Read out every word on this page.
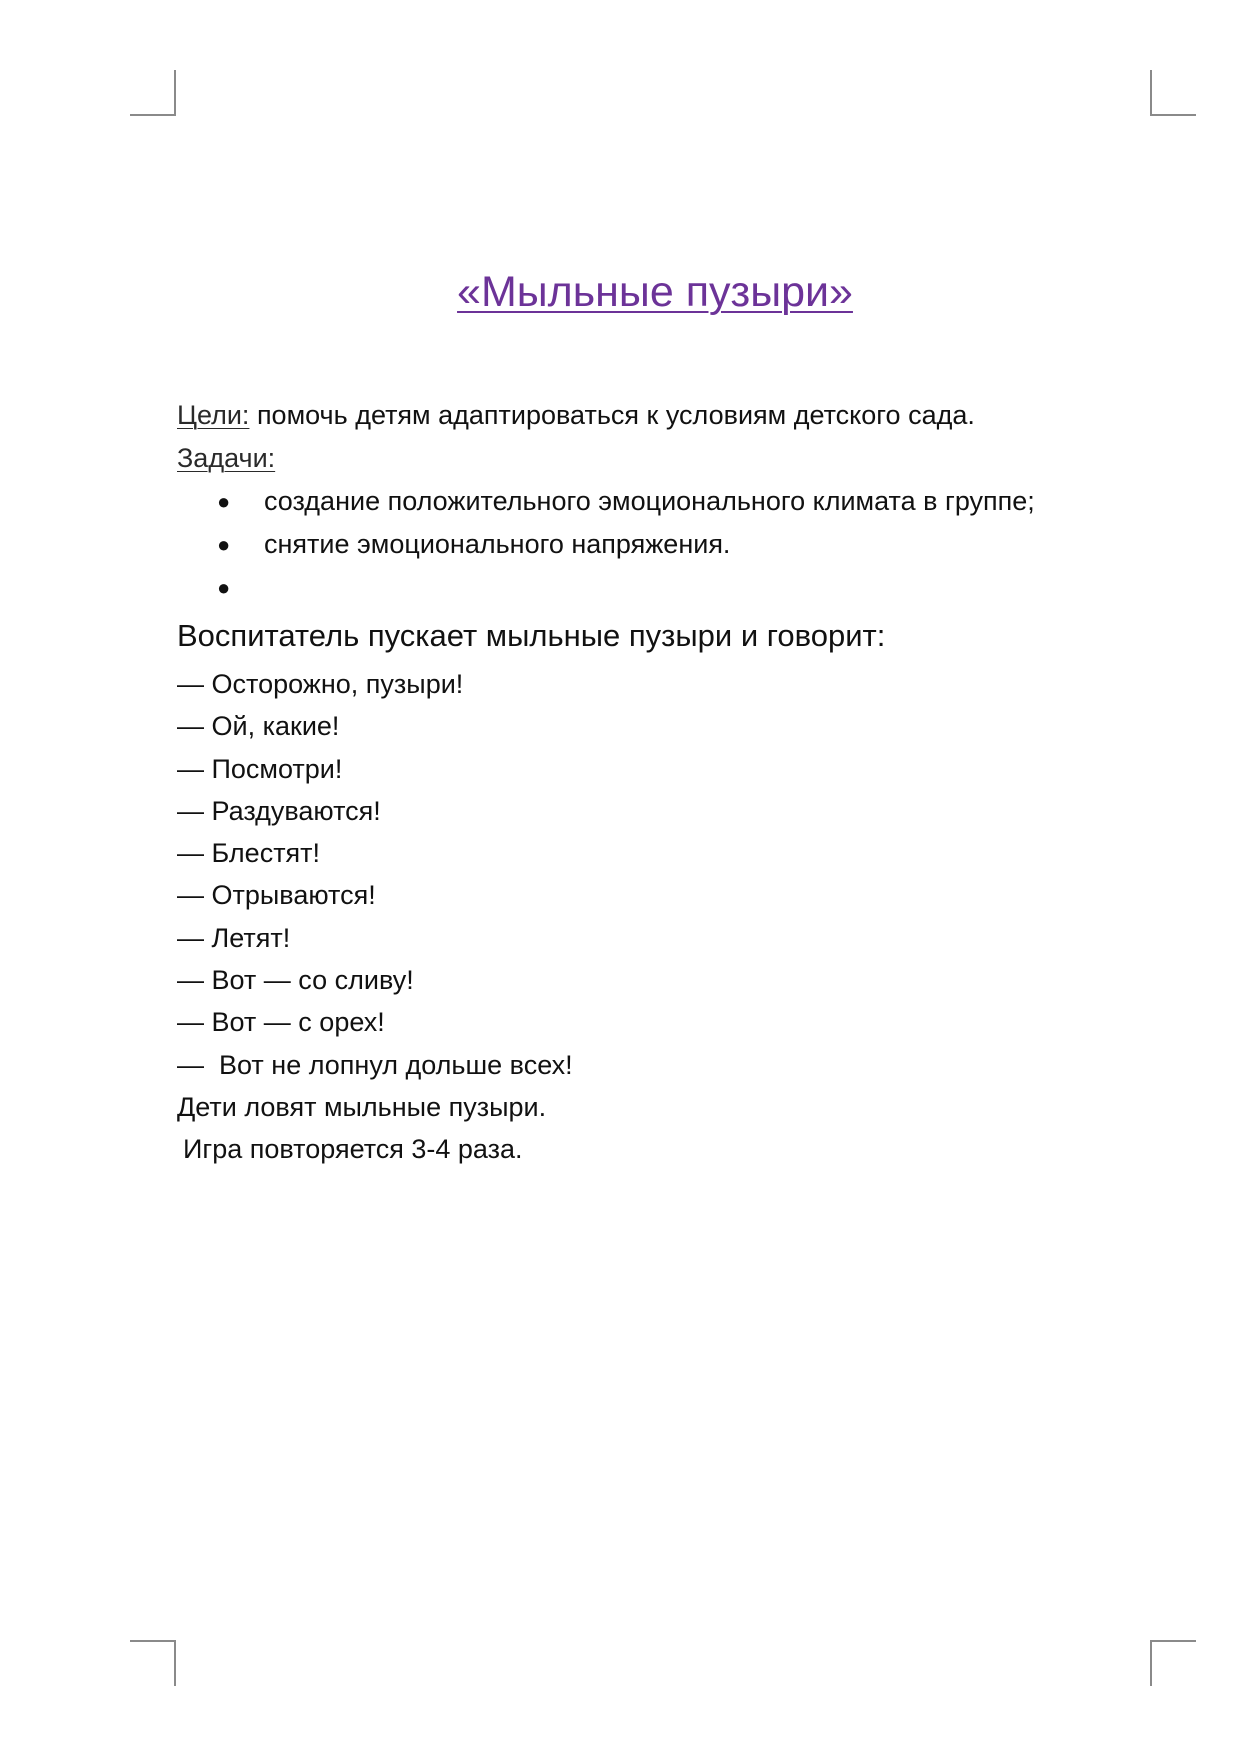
«Мыльные пузыри»
Цели: помочь детям адаптироваться к условиям детского сада.
Задачи:
● создание положительного эмоционального климата в группе;
● снятие эмоционального напряжения.
●
Воспитатель пускает мыльные пузыри и говорит:
— Осторожно, пузыри!
— Ой, какие!
— Посмотри!
— Раздуваются!
— Блестят!
— Отрываются!
— Летят!
— Вот — со сливу!
— Вот — с орех!
—  Вот не лопнул дольше всех!
Дети ловят мыльные пузыри.
Игра повторяется 3-4 раза.
